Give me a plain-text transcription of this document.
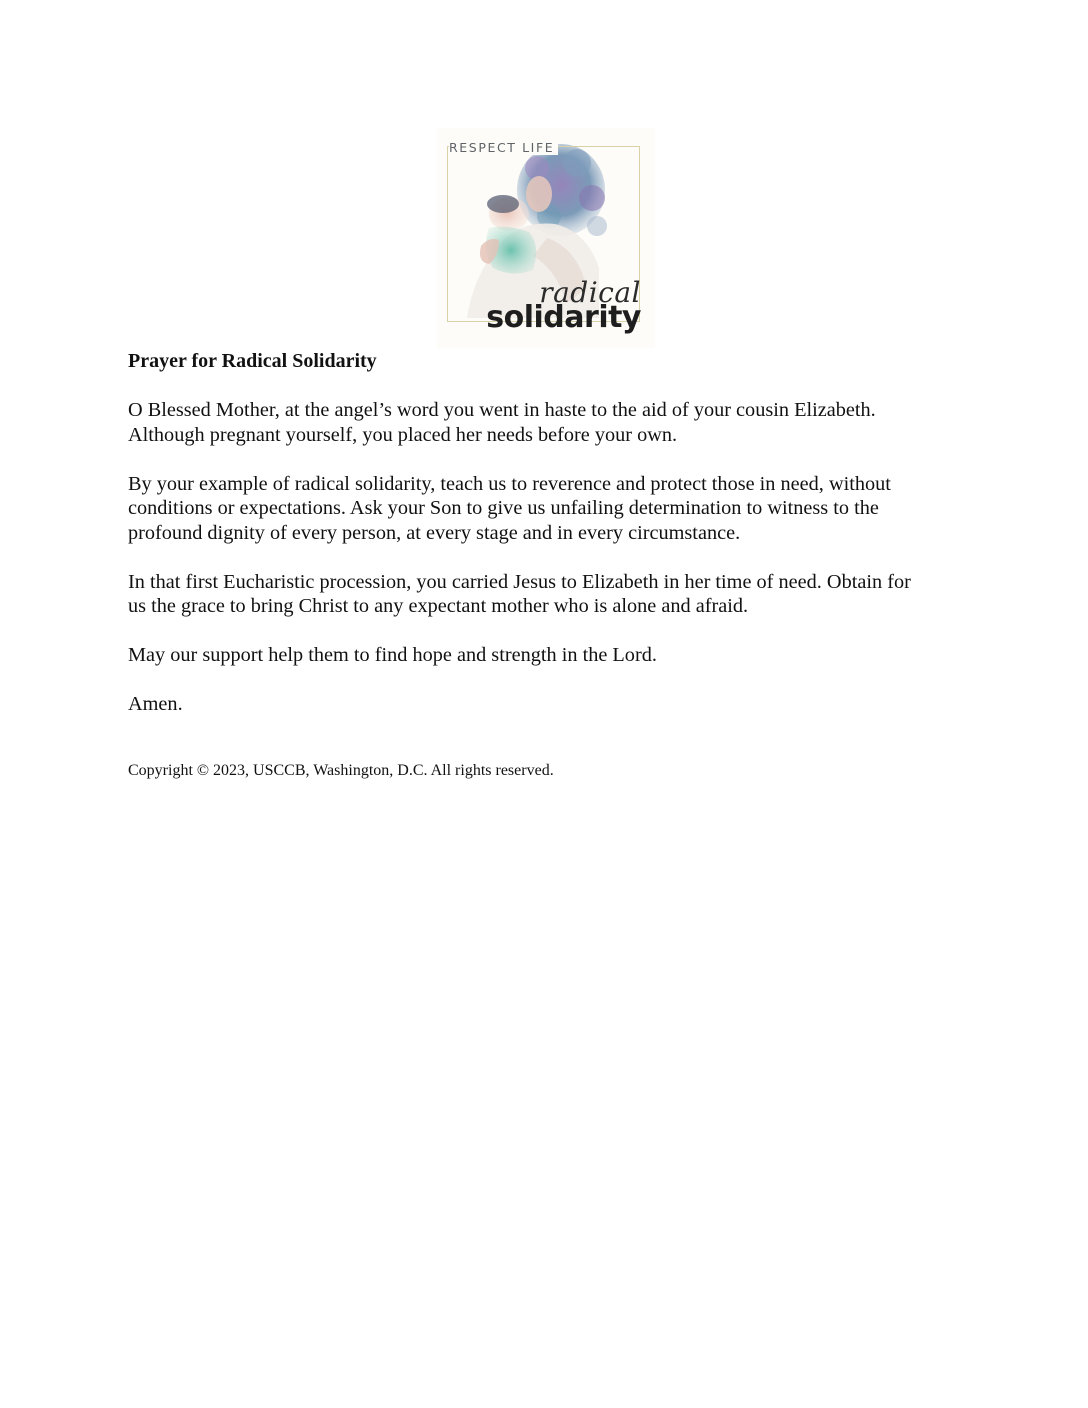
RESPECT LIFE
radical
solidarity
Prayer for Radical Solidarity

O Blessed Mother, at the angel’s word you went in haste to the aid of your cousin Elizabeth.
Although pregnant yourself, you placed her needs before your own.

By your example of radical solidarity, teach us to reverence and protect those in need, without
conditions or expectations. Ask your Son to give us unfailing determination to witness to the
profound dignity of every person, at every stage and in every circumstance.

In that first Eucharistic procession, you carried Jesus to Elizabeth in her time of need. Obtain for
us the grace to bring Christ to any expectant mother who is alone and afraid.

May our support help them to find hope and strength in the Lord.

Amen.

Copyright © 2023, USCCB, Washington, D.C. All rights reserved.
